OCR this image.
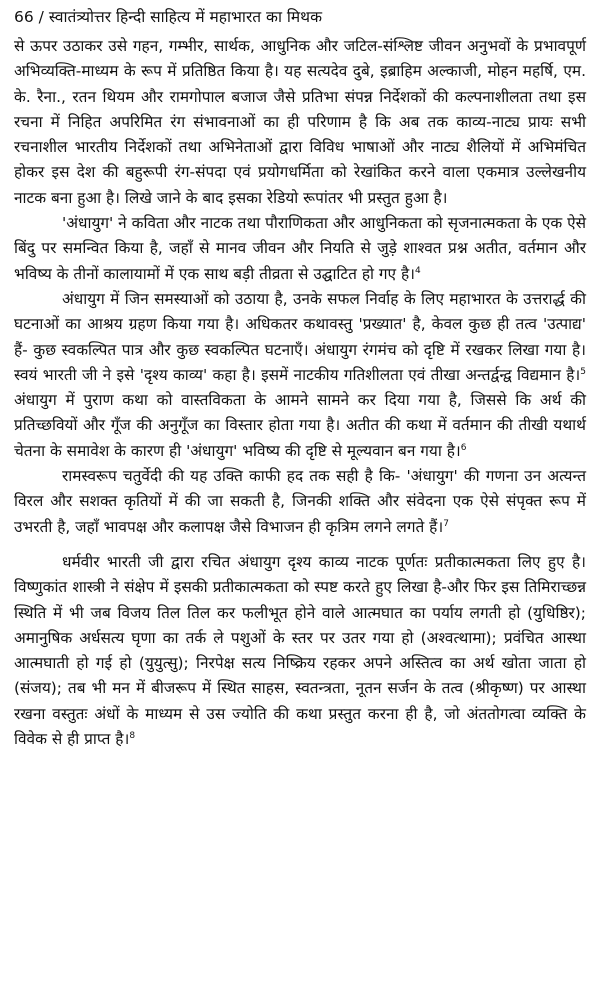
66 / स्वातंत्र्योत्तर हिन्दी साहित्य में महाभारत का मिथक

से ऊपर उठाकर उसे गहन, गम्भीर, सार्थक, आधुनिक और जटिल-संश्लिष्ट जीवन अनुभवों के प्रभावपूर्ण अभिव्यक्ति-माध्यम के रूप में प्रतिष्ठित किया है। यह सत्यदेव दुबे, इब्राहिम अल्काजी, मोहन महर्षि, एम. के. रैना., रतन थियम और रामगोपाल बजाज जैसे प्रतिभा संपन्न निर्देशकों की कल्पनाशीलता तथा इस रचना में निहित अपरिमित रंग संभावनाओं का ही परिणाम है कि अब तक काव्य-नाट्य प्रायः सभी रचनाशील भारतीय निर्देशकों तथा अभिनेताओं द्वारा विविध भाषाओं और नाट्य शैलियों में अभिमंचित होकर इस देश की बहुरूपी रंग-संपदा एवं प्रयोगधर्मिता को रेखांकित करने वाला एकमात्र उल्लेखनीय नाटक बना हुआ है। लिखे जाने के बाद इसका रेडियो रूपांतर भी प्रस्तुत हुआ है।

'अंधायुग' ने कविता और नाटक तथा पौराणिकता और आधुनिकता को सृजनात्मकता के एक ऐसे बिंदु पर समन्वित किया है, जहाँ से मानव जीवन और नियति से जुड़े शाश्वत प्रश्न अतीत, वर्तमान और भविष्य के तीनों कालायामों में एक साथ बड़ी तीव्रता से उद्घाटित हो गए है।$^4$

अंधायुग में जिन समस्याओं को उठाया है, उनके सफल निर्वाह के लिए महाभारत के उत्तरार्द्ध की घटनाओं का आश्रय ग्रहण किया गया है। अधिकतर कथावस्तु 'प्रख्यात' है, केवल कुछ ही तत्व 'उत्पाद्य' हैं- कुछ स्वकल्पित पात्र और कुछ स्वकल्पित घटनाएँ। अंधायुग रंगमंच को दृष्टि में रखकर लिखा गया है। स्वयं भारती जी ने इसे 'दृश्य काव्य' कहा है। इसमें नाटकीय गतिशीलता एवं तीखा अन्तर्द्वन्द्व विद्यमान है।$^5$ अंधायुग में पुराण कथा को वास्तविकता के आमने सामने कर दिया गया है, जिससे कि अर्थ की प्रतिच्छवियों और गूँज की अनुगूँज का विस्तार होता गया है। अतीत की कथा में वर्तमान की तीखी यथार्थ चेतना के समावेश के कारण ही 'अंधायुग' भविष्य की दृष्टि से मूल्यवान बन गया है।$^6$

रामस्वरूप चतुर्वेदी की यह उक्ति काफी हद तक सही है कि- 'अंधायुग' की गणना उन अत्यन्त विरल और सशक्त कृतियों में की जा सकती है, जिनकी शक्ति और संवेदना एक ऐसे संपृक्त रूप में उभरती है, जहाँ भावपक्ष और कलापक्ष जैसे विभाजन ही कृत्रिम लगने लगते हैं।$^7$

धर्मवीर भारती जी द्वारा रचित अंधायुग दृश्य काव्य नाटक पूर्णतः प्रतीकात्मकता लिए हुए है। विष्णुकांत शास्त्री ने संक्षेप में इसकी प्रतीकात्मकता को स्पष्ट करते हुए लिखा है-और फिर इस तिमिराच्छन्न स्थिति में भी जब विजय तिल तिल कर फलीभूत होने वाले आत्मघात का पर्याय लगती हो (युधिष्ठिर); अमानुषिक अर्धसत्य घृणा का तर्क ले पशुओं के स्तर पर उतर गया हो (अश्वत्थामा); प्रवंचित आस्था आत्मघाती हो गई हो (युयुत्सु); निरपेक्ष सत्य निष्क्रिय रहकर अपने अस्तित्व का अर्थ खोता जाता हो (संजय); तब भी मन में बीजरूप में स्थित साहस, स्वतन्त्रता, नूतन सर्जन के तत्व (श्रीकृष्ण) पर आस्था रखना वस्तुतः अंधों के माध्यम से उस ज्योति की कथा प्रस्तुत करना ही है, जो अंततोगत्वा व्यक्ति के विवेक से ही प्राप्त है।$^8$
